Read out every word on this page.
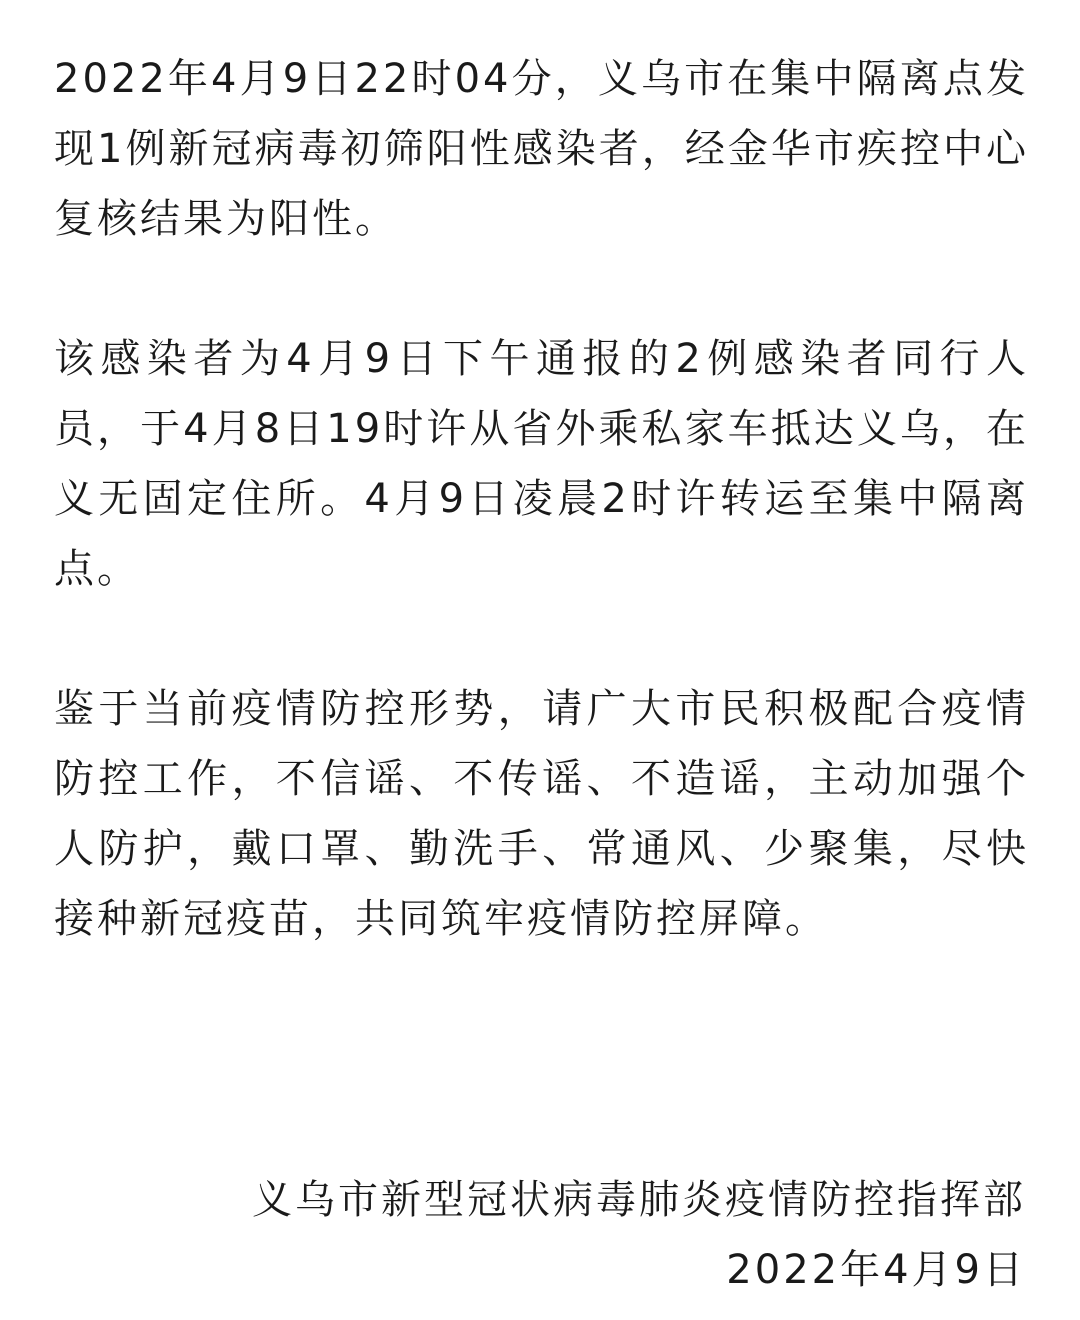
2022年4月9日22时04分，义乌市在集中隔离点发现1例新冠病毒初筛阳性感染者，经金华市疾控中心复核结果为阳性。

该感染者为4月9日下午通报的2例感染者同行人员，于4月8日19时许从省外乘私家车抵达义乌，在义无固定住所。4月9日凌晨2时许转运至集中隔离点。

鉴于当前疫情防控形势，请广大市民积极配合疫情防控工作，不信谣、不传谣、不造谣，主动加强个人防护，戴口罩、勤洗手、常通风、少聚集，尽快接种新冠疫苗，共同筑牢疫情防控屏障。

义乌市新型冠状病毒肺炎疫情防控指挥部
2022年4月9日
